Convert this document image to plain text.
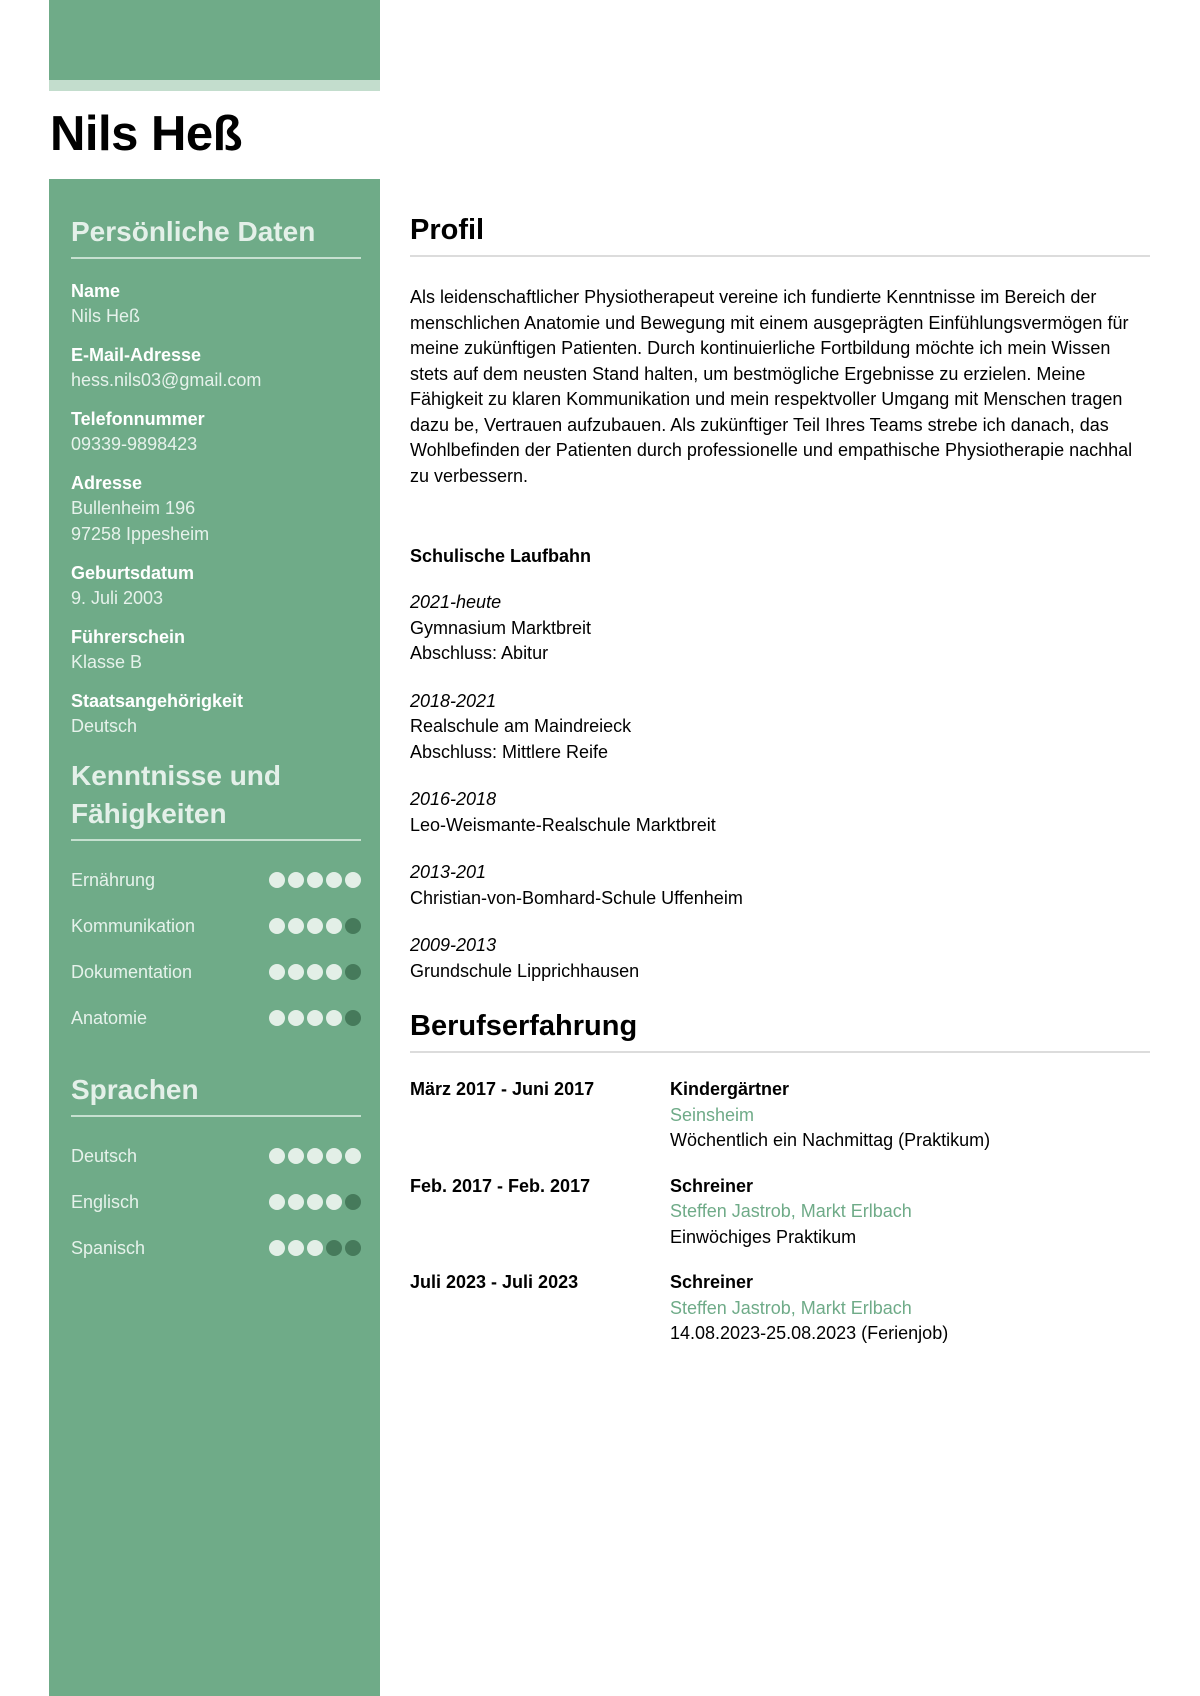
Nils Heß
Persönliche Daten
Name
Nils Heß
E-Mail-Adresse
hess.nils03@gmail.com
Telefonnummer
09339-9898423
Adresse
Bullenheim 196
97258 Ippesheim
Geburtsdatum
9. Juli 2003
Führerschein
Klasse B
Staatsangehörigkeit
Deutsch
Kenntnisse und Fähigkeiten
Ernährung
Kommunikation
Dokumentation
Anatomie
Sprachen
Deutsch
Englisch
Spanisch
Profil

Als leidenschaftlicher Physiotherapeut vereine ich fundierte Kenntnisse im Bereich der menschlichen Anatomie und Bewegung mit einem ausgeprägten Einfühlungsvermögen für meine zukünftigen Patienten. Durch kontinuierliche Fortbildung möchte ich mein Wissen stets auf dem neusten Stand halten, um bestmögliche Ergebnisse zu erzielen. Meine Fähigkeit zu klaren Kommunikation und mein respektvoller Umgang mit Menschen tragen dazu be, Vertrauen aufzubauen. Als zukünftiger Teil Ihres Teams strebe ich danach, das Wohlbefinden der Patienten durch professionelle und empathische Physiotherapie nachhal zu verbessern.

Schulische Laufbahn
2021-heute
Gymnasium Marktbreit
Abschluss: Abitur
2018-2021
Realschule am Maindreieck
Abschluss: Mittlere Reife
2016-2018
Leo-Weismante-Realschule Marktbreit
2013-201
Christian-von-Bomhard-Schule Uffenheim
2009-2013
Grundschule Lipprichhausen
Berufserfahrung
März 2017 - Juni 2017	Kindergärtner
Seinsheim
Wöchentlich ein Nachmittag (Praktikum)
Feb. 2017 - Feb. 2017	Schreiner
Steffen Jastrob, Markt Erlbach
Einwöchiges Praktikum
Juli 2023 - Juli 2023	Schreiner
Steffen Jastrob, Markt Erlbach
14.08.2023-25.08.2023 (Ferienjob)
